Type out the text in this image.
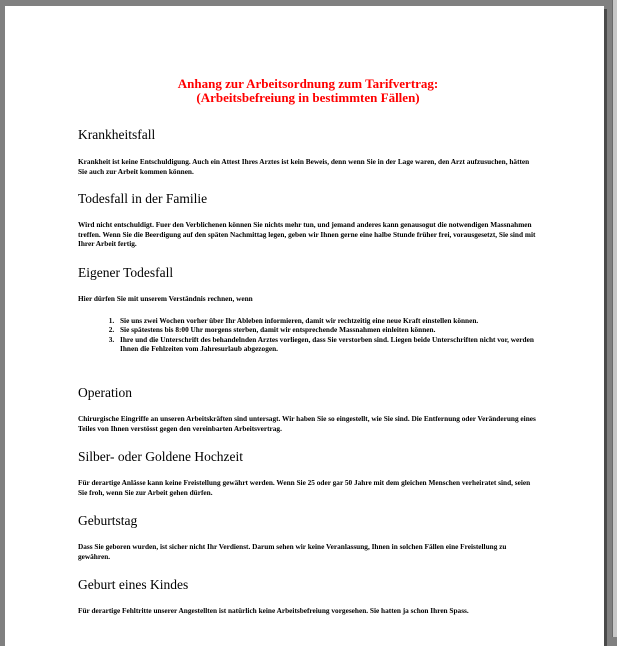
Anhang zur Arbeitsordnung zum Tarifvertrag:

(Arbeitsbefreiung in bestimmten Fällen)

Krankheitsfall

Krankheit ist keine Entschuldigung. Auch ein Attest Ihres Arztes ist kein Beweis, denn wenn Sie in der Lage waren, den Arzt aufzusuchen, hätten Sie auch zur Arbeit kommen können.

Todesfall in der Familie

Wird nicht entschuldigt. Fuer den Verblichenen können Sie nichts mehr tun, und jemand anderes kann genausogut die notwendigen Massnahmen treffen. Wenn Sie die Beerdigung auf den späten Nachmittag legen, geben wir Ihnen gerne eine halbe Stunde früher frei, vorausgesetzt, Sie sind mit Ihrer Arbeit fertig.

Eigener Todesfall

Hier dürfen Sie mit unserem Verständnis rechnen, wenn

1. Sie uns zwei Wochen vorher über Ihr Ableben informieren, damit wir rechtzeitig eine neue Kraft einstellen können.
2. Sie spätestens bis 8:00 Uhr morgens sterben, damit wir entsprechende Massnahmen einleiten können.
3. Ihre und die Unterschrift des behandelnden Arztes vorliegen, dass Sie verstorben sind. Liegen beide Unterschriften nicht vor, werden Ihnen die Fehlzeiten vom Jahresurlaub abgezogen.
Operation

Chirurgische Eingriffe an unseren Arbeitskräften sind untersagt. Wir haben Sie so eingestellt, wie Sie sind. Die Entfernung oder Veränderung eines Teiles von Ihnen verstösst gegen den vereinbarten Arbeitsvertrag.

Silber- oder Goldene Hochzeit

Für derartige Anlässe kann keine Freistellung gewährt werden. Wenn Sie 25 oder gar 50 Jahre mit dem gleichen Menschen verheiratet sind, seien Sie froh, wenn Sie zur Arbeit gehen dürfen.

Geburtstag

Dass Sie geboren wurden, ist sicher nicht Ihr Verdienst. Darum sehen wir keine Veranlassung, Ihnen in solchen Fällen eine Freistellung zu gewähren.

Geburt eines Kindes

Für derartige Fehltritte unserer Angestellten ist natürlich keine Arbeitsbefreiung vorgesehen. Sie hatten ja schon Ihren Spass.
